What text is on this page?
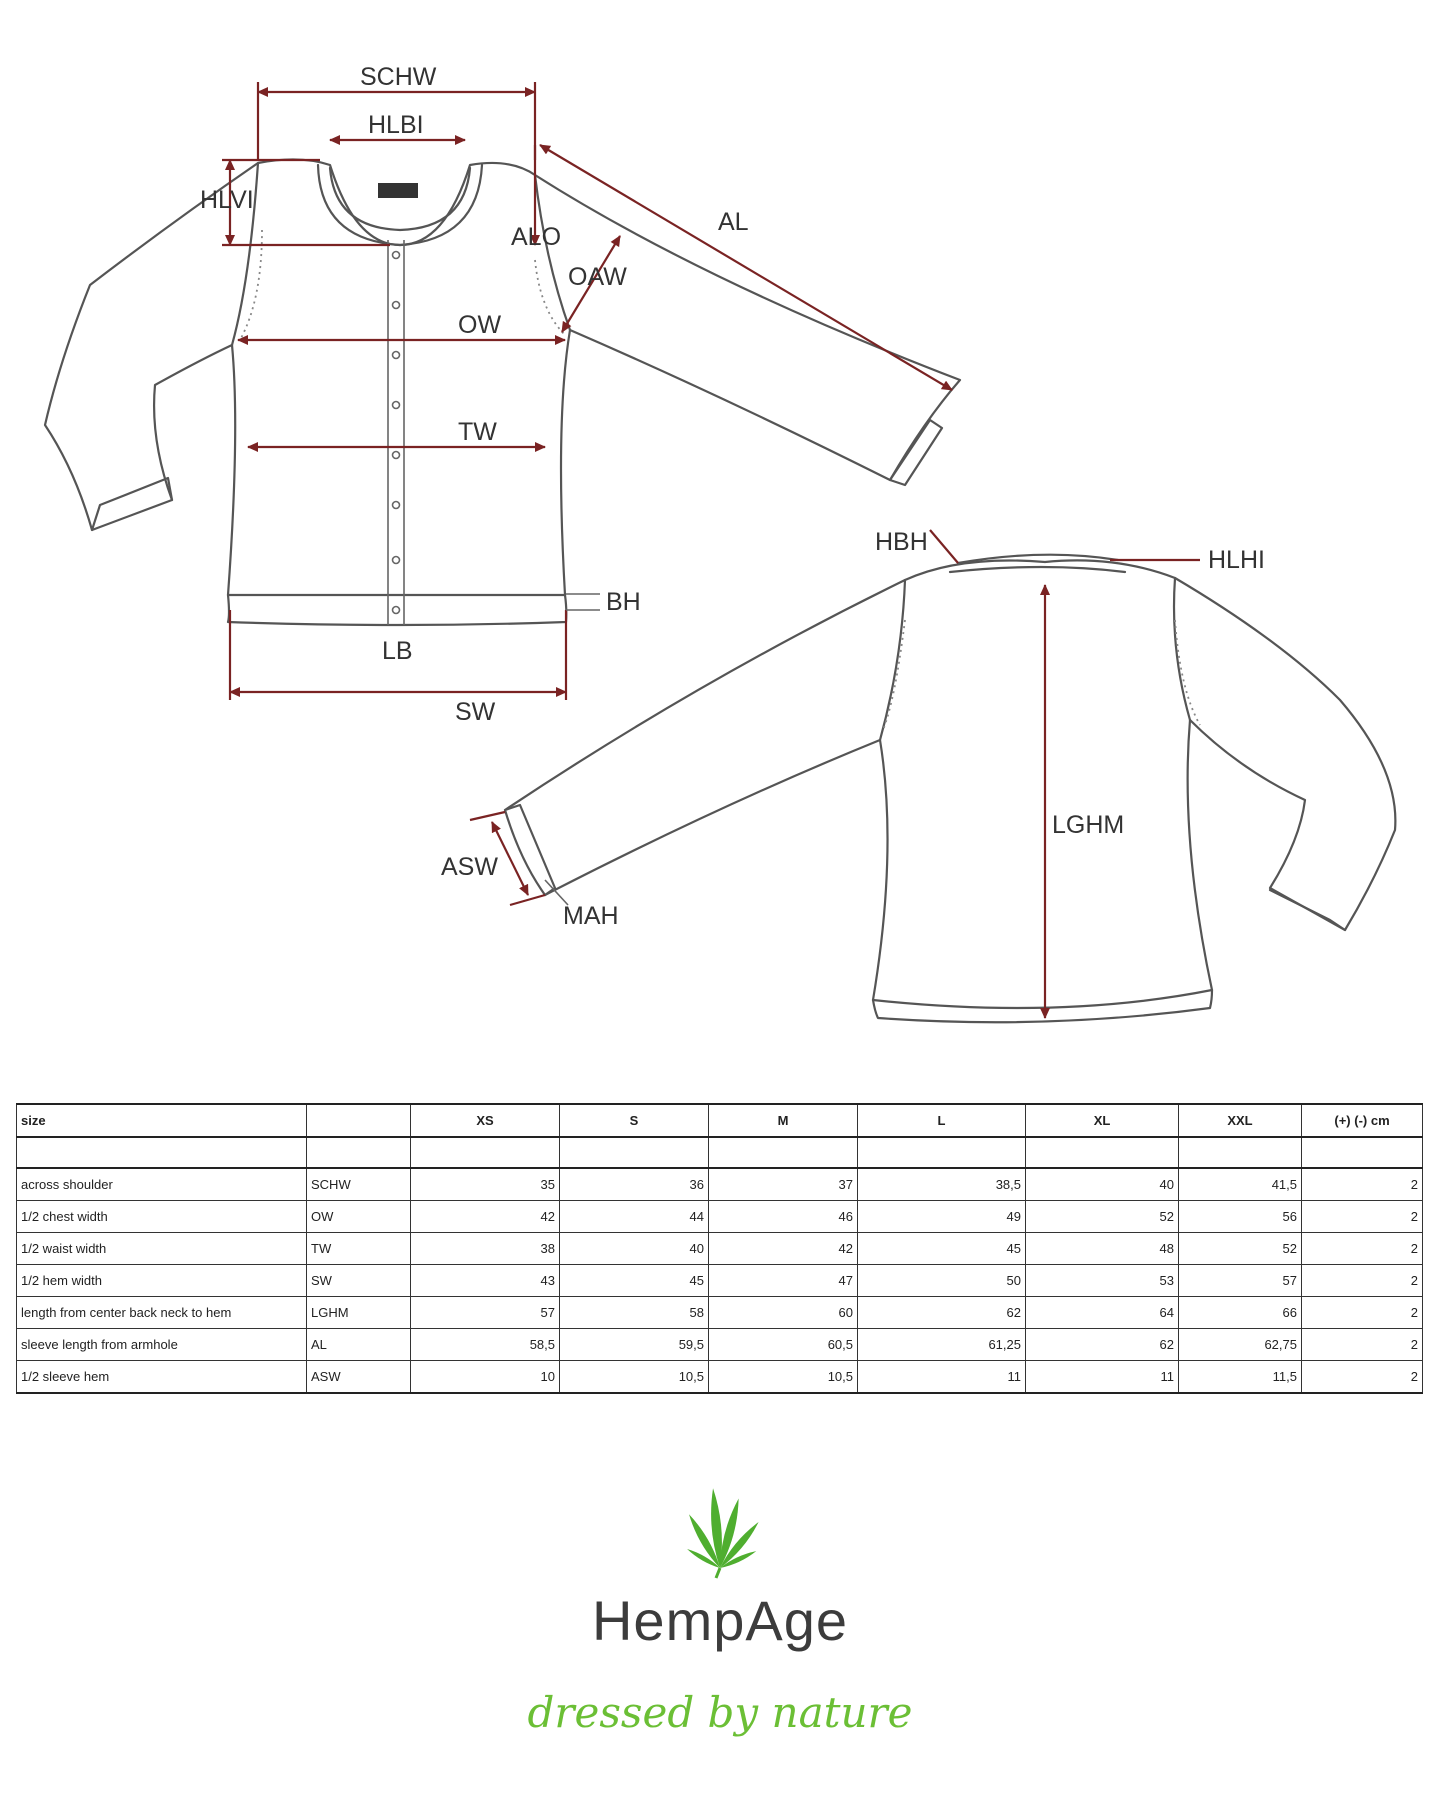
SCHW
HLBI
HLVI
AL
ALO
OAW
OW
TW
BH
LB
SW
HBH
HLHI
LGHM
ASW
MAH
size		XS	S	M	L	XL	XXL	(+) (-) cm

across shoulder	SCHW	35	36	37	38,5	40	41,5	2
1/2 chest width	OW	42	44	46	49	52	56	2
1/2 waist width	TW	38	40	42	45	48	52	2
1/2 hem width	SW	43	45	47	50	53	57	2
length from center back neck to hem	LGHM	57	58	60	62	64	66	2
sleeve length from armhole	AL	58,5	59,5	60,5	61,25	62	62,75	2
1/2 sleeve hem	ASW	10	10,5	10,5	11	11	11,5	2
HempAge
dressed by nature
